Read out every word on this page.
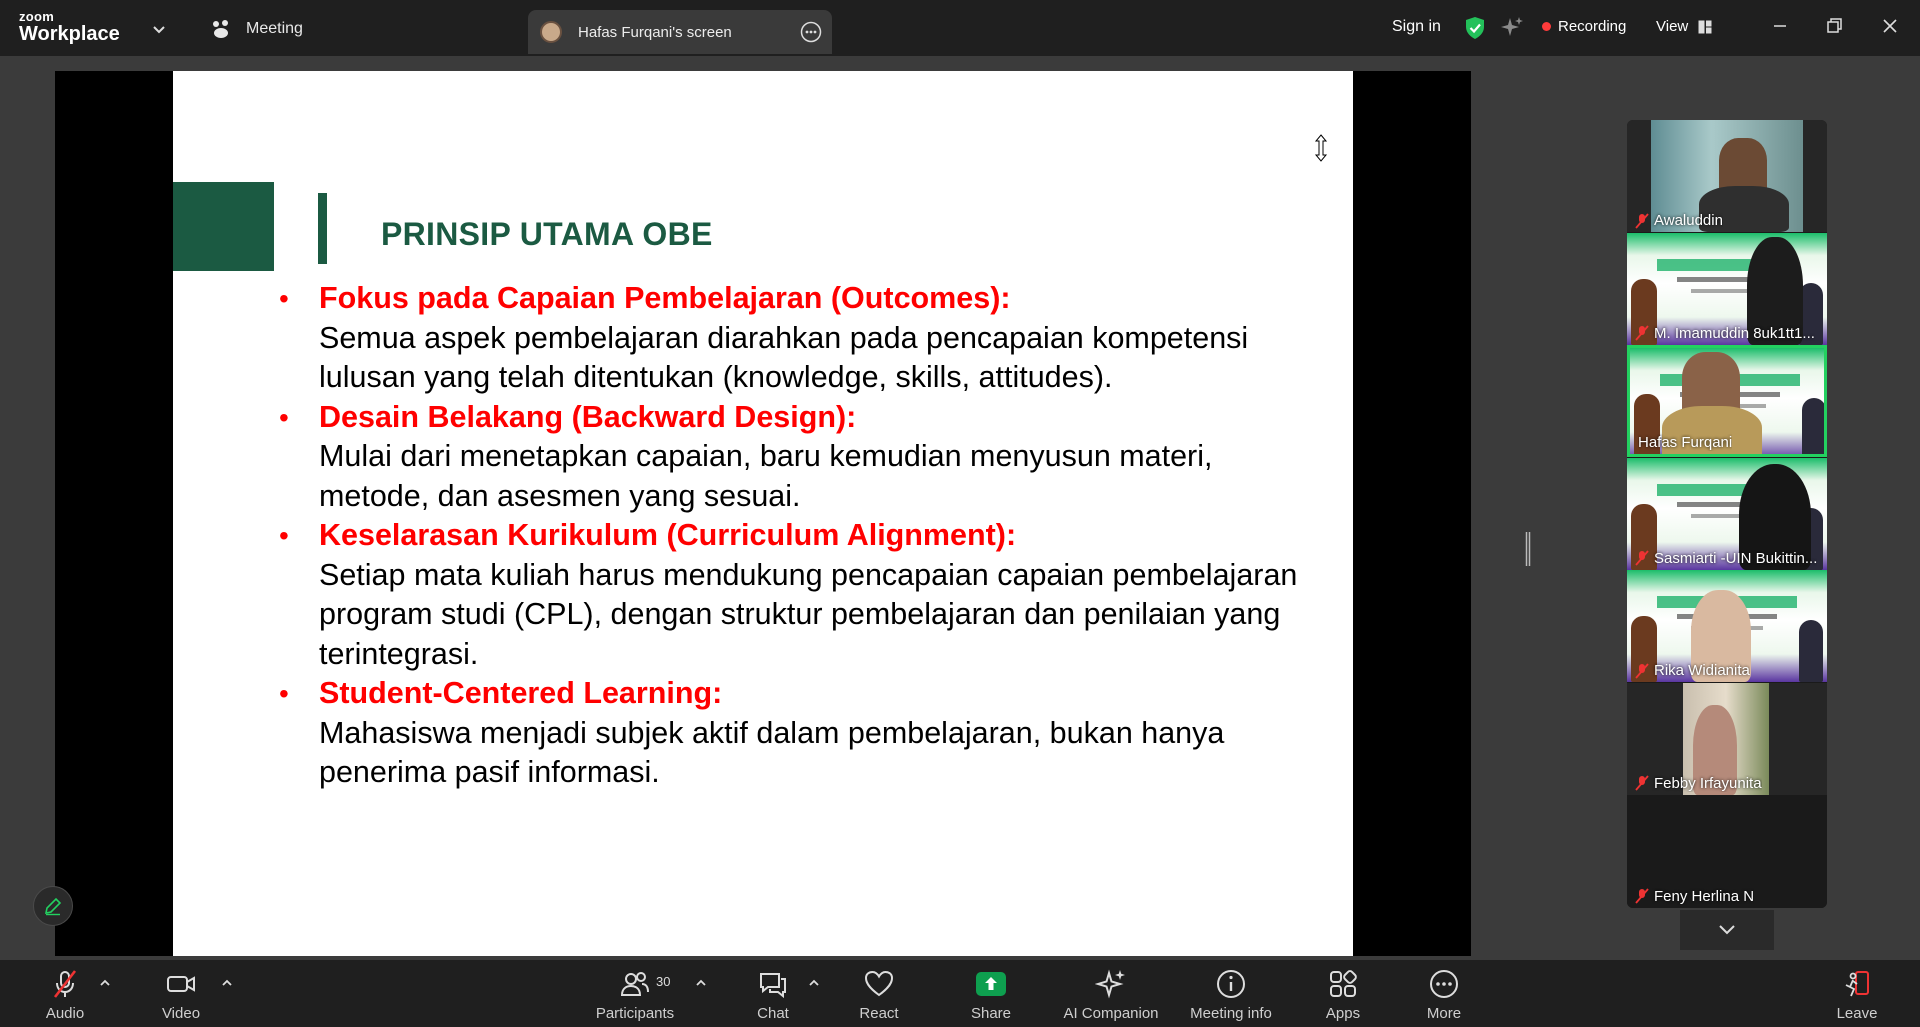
zoom
Workplace	Meeting	Hafas Furqani's screen	Sign in	Recording View
PRINSIP UTAMA OBE
• Fokus pada Capaian Pembelajaran (Outcomes):
Semua aspek pembelajaran diarahkan pada pencapaian kompetensi lulusan yang telah ditentukan (knowledge, skills, attitudes).
• Desain Belakang (Backward Design):
Mulai dari menetapkan capaian, baru kemudian menyusun materi, metode, dan asesmen yang sesuai.
• Keselarasan Kurikulum (Curriculum Alignment):
Setiap mata kuliah harus mendukung pencapaian capaian pembelajaran program studi (CPL), dengan struktur pembelajaran dan penilaian yang terintegrasi.
• Student-Centered Learning:
Mahasiswa menjadi subjek aktif dalam pembelajaran, bukan hanya penerima pasif informasi.
Awaluddin
M. Imamuddin 8uk1tt1...
Hafas Furqani
Sasmiarti -UIN Bukittin...
Rika Widianita
Febby Irfayunita
Feny Herlina N
Audio	Video	Participants
30
Chat	React	Share	AI Companion Meeting info	Apps	More	Leave
